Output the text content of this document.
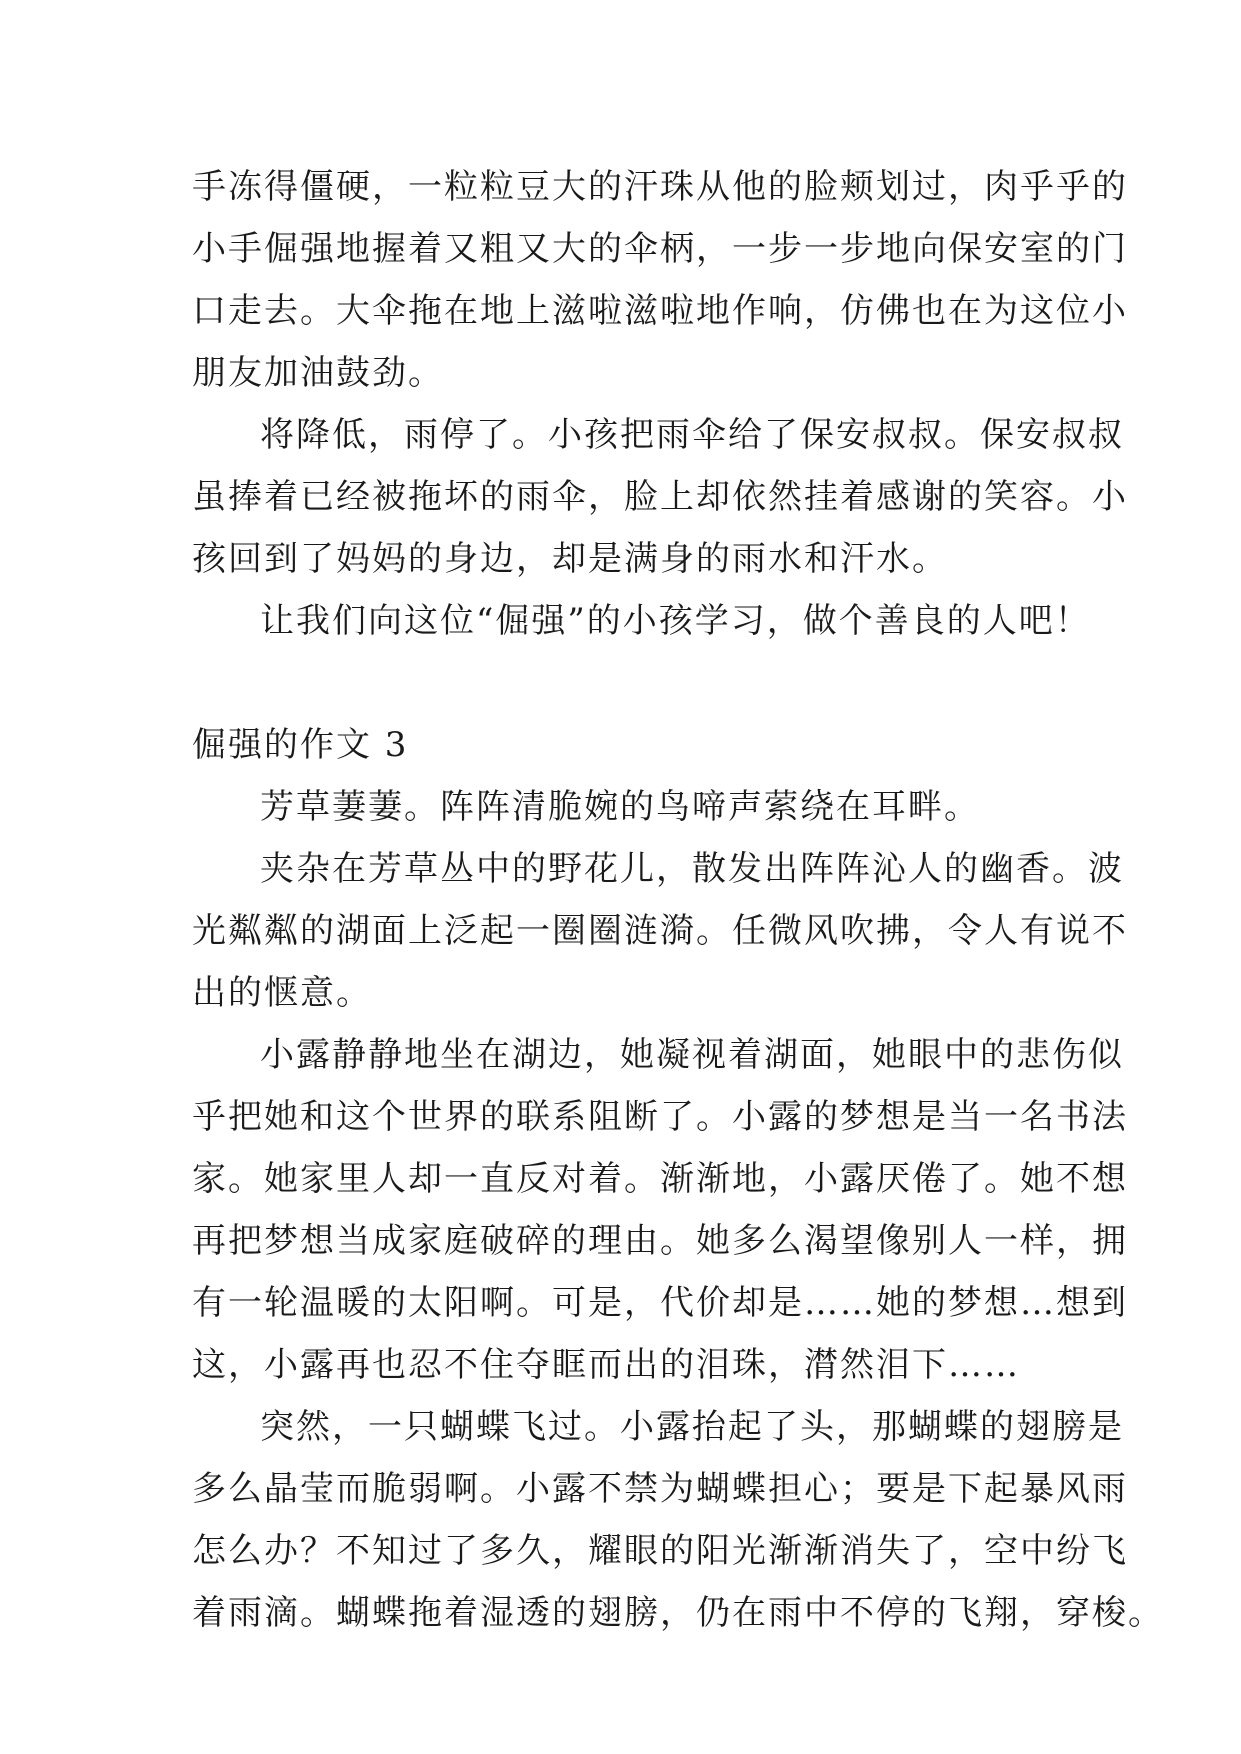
手冻得僵硬，一粒粒豆大的汗珠从他的脸颊划过，肉乎乎的
小手倔强地握着又粗又大的伞柄，一步一步地向保安室的门
口走去。大伞拖在地上滋啦滋啦地作响，仿佛也在为这位小
朋友加油鼓劲。
将降低，雨停了。小孩把雨伞给了保安叔叔。保安叔叔
虽捧着已经被拖坏的雨伞，脸上却依然挂着感谢的笑容。小
孩回到了妈妈的身边，却是满身的雨水和汗水。
让我们向这位“倔强”的小孩学习，做个善良的人吧！
倔强的作文 3
芳草萋萋。阵阵清脆婉的鸟啼声萦绕在耳畔。
夹杂在芳草丛中的野花儿，散发出阵阵沁人的幽香。波
光粼粼的湖面上泛起一圈圈涟漪。任微风吹拂，令人有说不
出的惬意。
小露静静地坐在湖边，她凝视着湖面，她眼中的悲伤似
乎把她和这个世界的联系阻断了。小露的梦想是当一名书法
家。她家里人却一直反对着。渐渐地，小露厌倦了。她不想
再把梦想当成家庭破碎的理由。她多么渴望像别人一样，拥
有一轮温暖的太阳啊。可是，代价却是……她的梦想…想到
这，小露再也忍不住夺眶而出的泪珠，潸然泪下……
突然，一只蝴蝶飞过。小露抬起了头，那蝴蝶的翅膀是
多么晶莹而脆弱啊。小露不禁为蝴蝶担心；要是下起暴风雨
怎么办？不知过了多久，耀眼的阳光渐渐消失了，空中纷飞
着雨滴。蝴蝶拖着湿透的翅膀，仍在雨中不停的飞翔，穿梭。
